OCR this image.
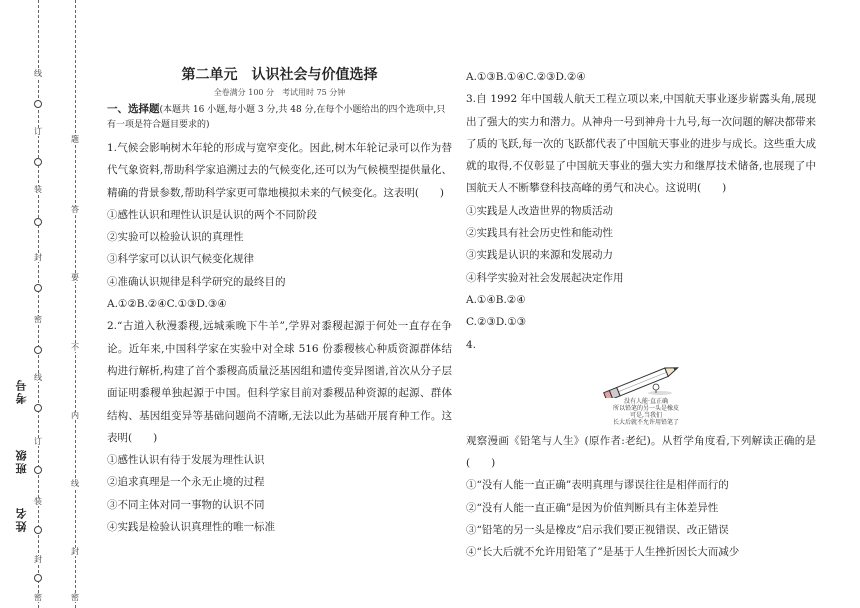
线
订
装
封
密
线
订
装
封
密
题
答
要
不
内
线
封
密
考号
班级
姓名
第二单元　认识社会与价值选择
全卷满分 100 分　考试用时 75 分钟
一、选择题(本题共 16 小题,每小题 3 分,共 48 分,在每个小题给出的四个选项中,只有一项是符合题目要求的)

1.气候会影响树木年轮的形成与宽窄变化。因此,树木年轮记录可以作为替代气象资料,帮助科学家追溯过去的气候变化,还可以为气候模型提供量化、精确的背景参数,帮助科学家更可靠地模拟未来的气候变化。这表明(　　)

①感性认识和理性认识是认识的两个不同阶段

②实验可以检验认识的真理性

③科学家可以认识气候变化规律

④准确认识规律是科学研究的最终目的

A.①②B.②④C.①③D.③④

2.“古道入秋漫黍稷,远城乘晚下牛羊”,学界对黍稷起源于何处一直存在争论。近年来,中国科学家在实验中对全球 516 份黍稷核心种质资源群体结构进行解析,构建了首个黍稷高质量泛基因组和遗传变异图谱,首次从分子层面证明黍稷单独起源于中国。但科学家目前对黍稷品种资源的起源、群体结构、基因组变异等基础问题尚不清晰,无法以此为基础开展育种工作。这表明(　　)

①感性认识有待于发展为理性认识

②追求真理是一个永无止境的过程

③不同主体对同一事物的认识不同

④实践是检验认识真理性的唯一标准

A.①③B.①④C.②③D.②④

3.自 1992 年中国载人航天工程立项以来,中国航天事业逐步崭露头角,展现出了强大的实力和潜力。从神舟一号到神舟十九号,每一次问题的解决都带来了质的飞跃,每一次的飞跃都代表了中国航天事业的进步与成长。这些重大成就的取得,不仅彰显了中国航天事业的强大实力和继厚技术储备,也展现了中国航天人不断攀登科技高峰的勇气和决心。这说明(　　)

①实践是人改造世界的物质活动

②实践具有社会历史性和能动性

③实践是认识的来源和发展动力

④科学实验对社会发展起决定作用

A.①④B.②④

C.②③D.①③

4.

没有人能·直正确
所以铅笔的另一头是橡皮
可是,当我们
长大后就不允许用铅笔了

观察漫画《铅笔与人生》(原作者:老纪)。从哲学角度看,下列解读正确的是(　　)

①“没有人能一直正确”表明真理与谬误往往是相伴而行的

②“没有人能一直正确”是因为价值判断具有主体差异性

③“铅笔的另一头是橡皮”启示我们要正视错误、改正错误

④“长大后就不允许用铅笔了”是基于人生挫折因长大而减少
